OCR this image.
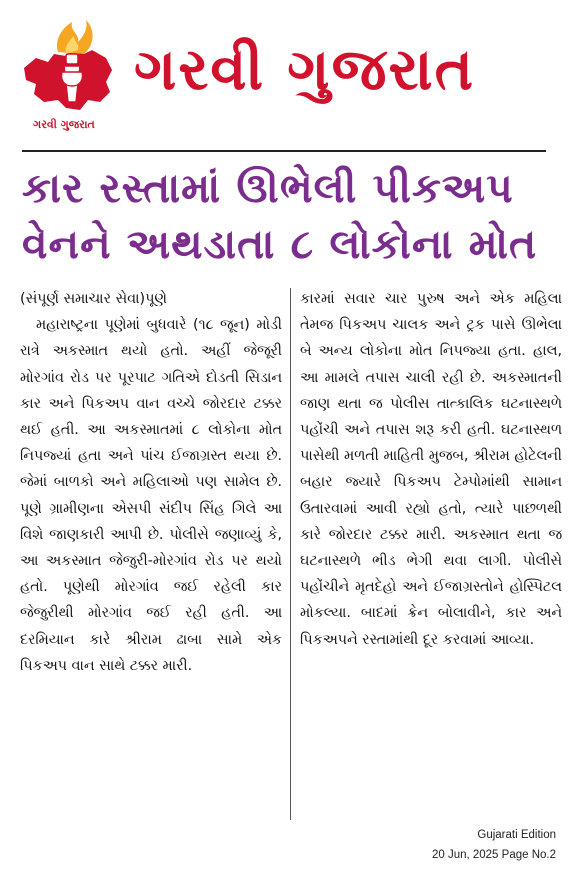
ગરવી ગુજરાત
ગરવી ગુજરાત
કાર રસ્તામાં ઊભેલી પીકઅપ
વેનને અથડાતા ૮ લોકોના મોત

(સંપૂર્ણ સમાચાર સેવા)પૂણે

મહારાષ્ટ્રના પૂણેમાં બુધવારે (૧૮ જૂન) મોડી રાત્રે અકસ્માત થયો હતો. અહીં જેજૂરી મોરગાંવ રોડ પર પૂરપાટ ગતિએ દોડતી સિડાન કાર અને પિકઅપ વાન વચ્ચે જોરદાર ટક્કર થઈ હતી. આ અકસ્માતમાં ૮ લોકોના મોત નિપજ્યાં હતા અને પાંચ ઈજાગ્રસ્ત થયા છે. જેમાં બાળકો અને મહિલાઓ પણ સામેલ છે. પૂણે ગ્રામીણના એસપી સંદીપ સિંહ ગિલે આ વિશે જાણકારી આપી છે. પોલીસે જણાવ્યું કે, આ અકસ્માત જેજુરી-મોરગાંવ રોડ પર થયો હતો. પૂણેથી મોરગાંવ જઈ રહેલી કાર જેજુરીથી મોરગાંવ જઈ રહી હતી. આ દરમિયાન કારે શ્રીરામ ઢાબા સામે એક પિકઅપ વાન સાથે ટક્કર મારી.

કારમાં સવાર ચાર પુરુષ અને એક મહિલા તેમજ પિકઅપ ચાલક અને ટ્રક પાસે ઊભેલા બે અન્ય લોકોના મોત નિપજ્યા હતા. હાલ, આ મામલે તપાસ ચાલી રહી છે. અકસ્માતની જાણ થતા જ પોલીસ તાત્કાલિક ઘટનાસ્થળે પહોંચી અને તપાસ શરૂ કરી હતી. ઘટનાસ્થળ પાસેથી મળતી માહિતી મુજબ, શ્રીરામ હોટેલની બહાર જ્યારે પિકઅપ ટેમ્પોમાંથી સામાન ઉતારવામાં આવી રહ્યો હતો, ત્યારે પાછળથી કારે જોરદાર ટક્કર મારી. અકસ્માત થતા જ ઘટનાસ્થળે ભીડ ભેગી થવા લાગી. પોલીસે પહોંચીને મૃતદેહો અને ઈજાગ્રસ્તોને હોસ્પિટલ મોકલ્યા. બાદમાં ક્રેન બોલાવીને, કાર અને પિકઅપને રસ્તામાંથી દૂર કરવામાં આવ્યા.

Gujarati Edition
20 Jun, 2025 Page No.2
